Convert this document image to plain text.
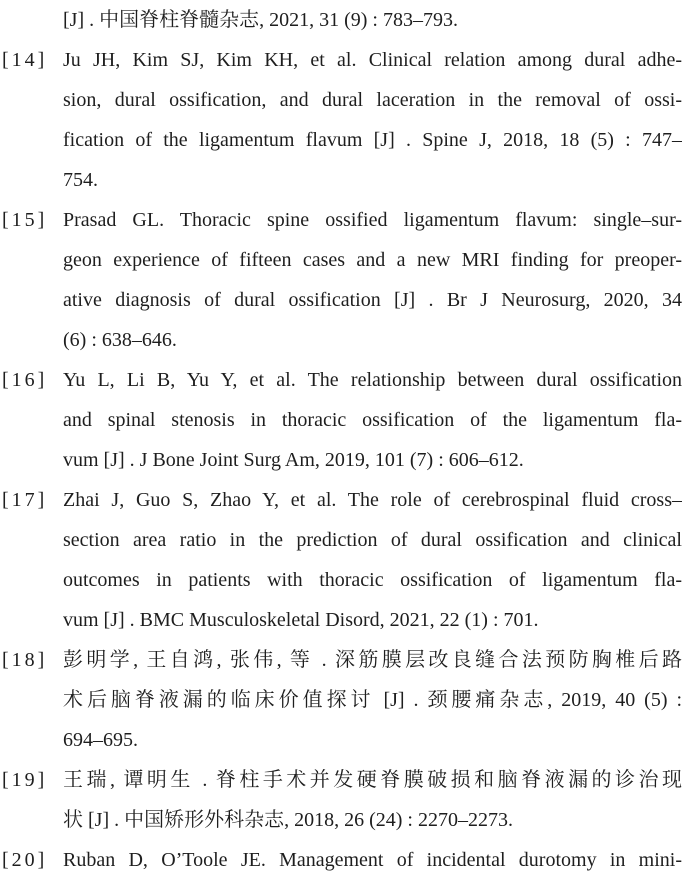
[J] . 中国脊柱脊髓杂志, 2021, 31 (9) : 783–793.
[14] Ju JH, Kim SJ, Kim KH, et al. Clinical relation among dural adhe-
sion, dural ossification, and dural laceration in the removal of ossi-
fication of the ligamentum flavum [J] . Spine J, 2018, 18 (5) : 747–
754.
[15] Prasad GL. Thoracic spine ossified ligamentum flavum: single–sur-
geon experience of fifteen cases and a new MRI finding for preoper-
ative diagnosis of dural ossification [J] . Br J Neurosurg, 2020, 34
(6) : 638–646.
[16] Yu L, Li B, Yu Y, et al. The relationship between dural ossification
and spinal stenosis in thoracic ossification of the ligamentum fla-
vum [J] . J Bone Joint Surg Am, 2019, 101 (7) : 606–612.
[17] Zhai J, Guo S, Zhao Y, et al. The role of cerebrospinal fluid cross–
section area ratio in the prediction of dural ossification and clinical
outcomes in patients with thoracic ossification of ligamentum fla-
vum [J] . BMC Musculoskeletal Disord, 2021, 22 (1) : 701.
[18] 彭明学, 王自鸿, 张伟, 等 . 深筋膜层改良缝合法预防胸椎后路
术后脑脊液漏的临床价值探讨 [J] . 颈腰痛杂志, 2019, 40 (5) :
694–695.
[19] 王瑞, 谭明生 . 脊柱手术并发硬脊膜破损和脑脊液漏的诊治现
状 [J] . 中国矫形外科杂志, 2018, 26 (24) : 2270–2273.
[20] Ruban D, O’Toole JE. Management of incidental durotomy in mini-
